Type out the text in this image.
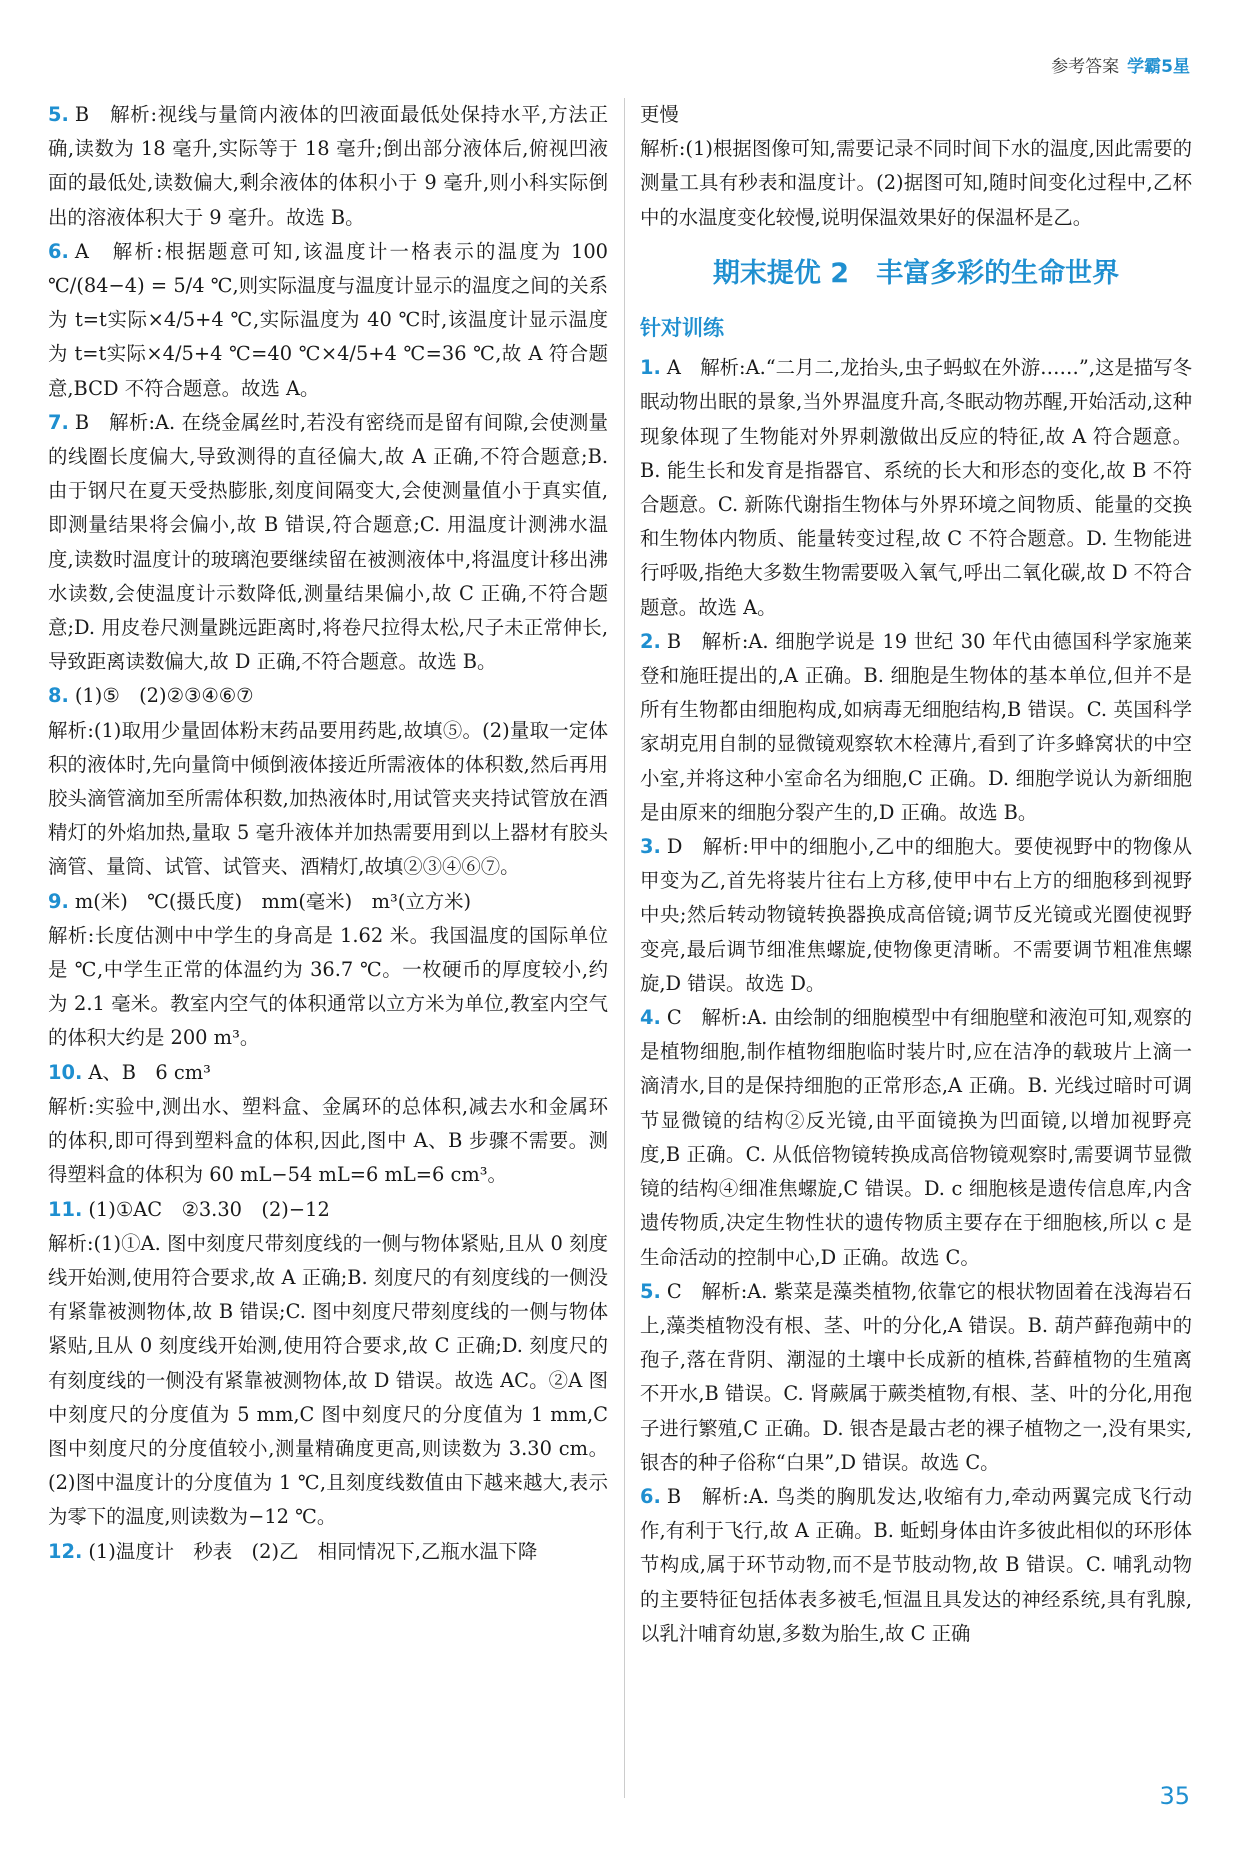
参考答案 学霸5星

5. B　解析:视线与量筒内液体的凹液面最低处保持水平,方法正确,读数为 18 毫升,实际等于 18 毫升;倒出部分液体后,俯视凹液面的最低处,读数偏大,剩余液体的体积小于 9 毫升,则小科实际倒出的溶液体积大于 9 毫升。故选 B。

6. A　解析:根据题意可知,该温度计一格表示的温度为 100 ℃/(84−4) = 5/4 ℃,则实际温度与温度计显示的温度之间的关系为 t=t实际×4/5+4 ℃,实际温度为 40 ℃时,该温度计显示温度为 t=t实际×4/5+4 ℃=40 ℃×4/5+4 ℃=36 ℃,故 A 符合题意,BCD 不符合题意。故选 A。

7. B　解析:A. 在绕金属丝时,若没有密绕而是留有间隙,会使测量的线圈长度偏大,导致测得的直径偏大,故 A 正确,不符合题意;B. 由于钢尺在夏天受热膨胀,刻度间隔变大,会使测量值小于真实值,即测量结果将会偏小,故 B 错误,符合题意;C. 用温度计测沸水温度,读数时温度计的玻璃泡要继续留在被测液体中,将温度计移出沸水读数,会使温度计示数降低,测量结果偏小,故 C 正确,不符合题意;D. 用皮卷尺测量跳远距离时,将卷尺拉得太松,尺子未正常伸长,导致距离读数偏大,故 D 正确,不符合题意。故选 B。

8. (1)⑤　(2)②③④⑥⑦

解析:(1)取用少量固体粉末药品要用药匙,故填⑤。(2)量取一定体积的液体时,先向量筒中倾倒液体接近所需液体的体积数,然后再用胶头滴管滴加至所需体积数,加热液体时,用试管夹夹持试管放在酒精灯的外焰加热,量取 5 毫升液体并加热需要用到以上器材有胶头滴管、量筒、试管、试管夹、酒精灯,故填②③④⑥⑦。

9. m(米)　℃(摄氏度)　mm(毫米)　m³(立方米)

解析:长度估测中中学生的身高是 1.62 米。我国温度的国际单位是 ℃,中学生正常的体温约为 36.7 ℃。一枚硬币的厚度较小,约为 2.1 毫米。教室内空气的体积通常以立方米为单位,教室内空气的体积大约是 200 m³。

10. A、B　6 cm³

解析:实验中,测出水、塑料盒、金属环的总体积,减去水和金属环的体积,即可得到塑料盒的体积,因此,图中 A、B 步骤不需要。测得塑料盒的体积为 60 mL−54 mL=6 mL=6 cm³。

11. (1)①AC　②3.30　(2)−12

解析:(1)①A. 图中刻度尺带刻度线的一侧与物体紧贴,且从 0 刻度线开始测,使用符合要求,故 A 正确;B. 刻度尺的有刻度线的一侧没有紧靠被测物体,故 B 错误;C. 图中刻度尺带刻度线的一侧与物体紧贴,且从 0 刻度线开始测,使用符合要求,故 C 正确;D. 刻度尺的有刻度线的一侧没有紧靠被测物体,故 D 错误。故选 AC。②A 图中刻度尺的分度值为 5 mm,C 图中刻度尺的分度值为 1 mm,C 图中刻度尺的分度值较小,测量精确度更高,则读数为 3.30 cm。(2)图中温度计的分度值为 1 ℃,且刻度线数值由下越来越大,表示为零下的温度,则读数为−12 ℃。

12. (1)温度计　秒表　(2)乙　相同情况下,乙瓶水温下降

更慢

解析:(1)根据图像可知,需要记录不同时间下水的温度,因此需要的测量工具有秒表和温度计。(2)据图可知,随时间变化过程中,乙杯中的水温度变化较慢,说明保温效果好的保温杯是乙。

期末提优 2　丰富多彩的生命世界
针对训练

1. A　解析:A.“二月二,龙抬头,虫子蚂蚁在外游……”,这是描写冬眠动物出眠的景象,当外界温度升高,冬眠动物苏醒,开始活动,这种现象体现了生物能对外界刺激做出反应的特征,故 A 符合题意。B. 能生长和发育是指器官、系统的长大和形态的变化,故 B 不符合题意。C. 新陈代谢指生物体与外界环境之间物质、能量的交换和生物体内物质、能量转变过程,故 C 不符合题意。D. 生物能进行呼吸,指绝大多数生物需要吸入氧气,呼出二氧化碳,故 D 不符合题意。故选 A。

2. B　解析:A. 细胞学说是 19 世纪 30 年代由德国科学家施莱登和施旺提出的,A 正确。B. 细胞是生物体的基本单位,但并不是所有生物都由细胞构成,如病毒无细胞结构,B 错误。C. 英国科学家胡克用自制的显微镜观察软木栓薄片,看到了许多蜂窝状的中空小室,并将这种小室命名为细胞,C 正确。D. 细胞学说认为新细胞是由原来的细胞分裂产生的,D 正确。故选 B。

3. D　解析:甲中的细胞小,乙中的细胞大。要使视野中的物像从甲变为乙,首先将装片往右上方移,使甲中右上方的细胞移到视野中央;然后转动物镜转换器换成高倍镜;调节反光镜或光圈使视野变亮,最后调节细准焦螺旋,使物像更清晰。不需要调节粗准焦螺旋,D 错误。故选 D。

4. C　解析:A. 由绘制的细胞模型中有细胞壁和液泡可知,观察的是植物细胞,制作植物细胞临时装片时,应在洁净的载玻片上滴一滴清水,目的是保持细胞的正常形态,A 正确。B. 光线过暗时可调节显微镜的结构②反光镜,由平面镜换为凹面镜,以增加视野亮度,B 正确。C. 从低倍物镜转换成高倍物镜观察时,需要调节显微镜的结构④细准焦螺旋,C 错误。D. c 细胞核是遗传信息库,内含遗传物质,决定生物性状的遗传物质主要存在于细胞核,所以 c 是生命活动的控制中心,D 正确。故选 C。

5. C　解析:A. 紫菜是藻类植物,依靠它的根状物固着在浅海岩石上,藻类植物没有根、茎、叶的分化,A 错误。B. 葫芦藓孢蒴中的孢子,落在背阴、潮湿的土壤中长成新的植株,苔藓植物的生殖离不开水,B 错误。C. 肾蕨属于蕨类植物,有根、茎、叶的分化,用孢子进行繁殖,C 正确。D. 银杏是最古老的裸子植物之一,没有果实,银杏的种子俗称“白果”,D 错误。故选 C。

6. B　解析:A. 鸟类的胸肌发达,收缩有力,牵动两翼完成飞行动作,有利于飞行,故 A 正确。B. 蚯蚓身体由许多彼此相似的环形体节构成,属于环节动物,而不是节肢动物,故 B 错误。C. 哺乳动物的主要特征包括体表多被毛,恒温且具发达的神经系统,具有乳腺,以乳汁哺育幼崽,多数为胎生,故 C 正确

35
